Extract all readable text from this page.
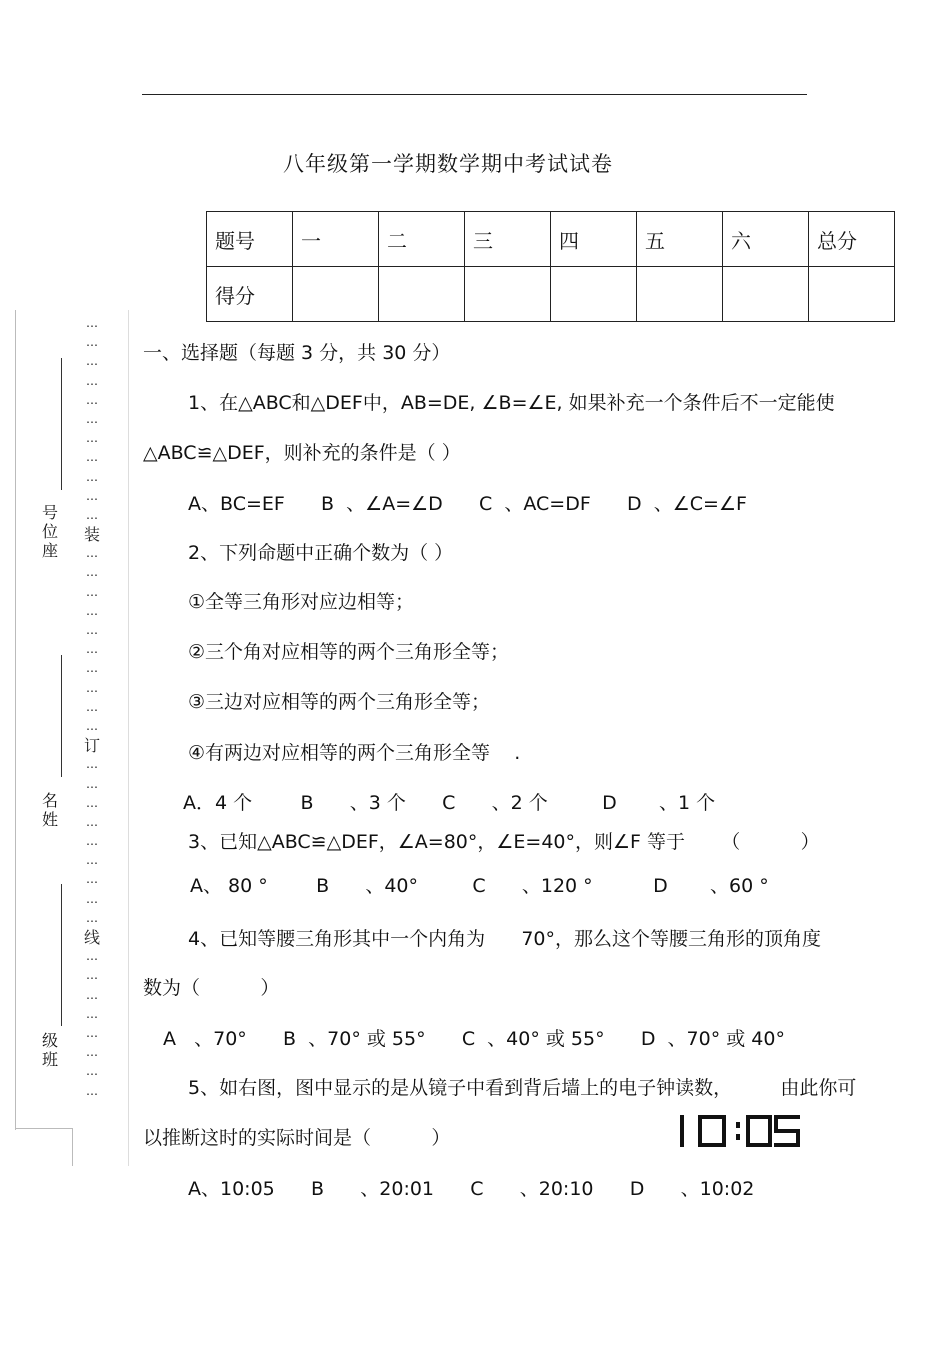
八年级第一学期数学期中考试试卷
题号	一	二	三	四	五	六	总分
得分							
号
位
座
名
姓
级
班
…
…
…
…
…
…
…
…
…
…
…
装
…
…
…
…
…
…
…
…
…
…
订
…
…
…
…
…
…
…
…
…
线
…
…
…
…
…
…
…
…
一、选择题（每题 3 分，共 30 分）
1、在△ABC和△DEF中，AB=DE, ∠B=∠E, 如果补充一个条件后不一定能使
△ABC≌△DEF，则补充的条件是（ ）
A、BC=EF      B  、∠A=∠D      C  、AC=DF      D  、∠C=∠F
2、下列命题中正确个数为（ ）
①全等三角形对应边相等；
②三个角对应相等的两个三角形全等；
③三边对应相等的两个三角形全等；
④有两边对应相等的两个三角形全等    .
A．4 个        B      、3 个      C      、2 个         D       、1 个
3、已知△ABC≌△DEF，∠A=80°，∠E=40°，则∠F 等于      （          ）
A、 80 °        B      、40°         C      、120 °          D       、60 °
4、已知等腰三角形其中一个内角为      70°，那么这个等腰三角形的顶角度
数为（          ）
A   、70°      B  、70° 或 55°      C  、40° 或 55°      D  、70° 或 40°
5、如右图，图中显示的是从镜子中看到背后墙上的电子钟读数，        由此你可
以推断这时的实际时间是（          ）
A、10:05      B      、20:01      C      、20:10      D      、10:02
